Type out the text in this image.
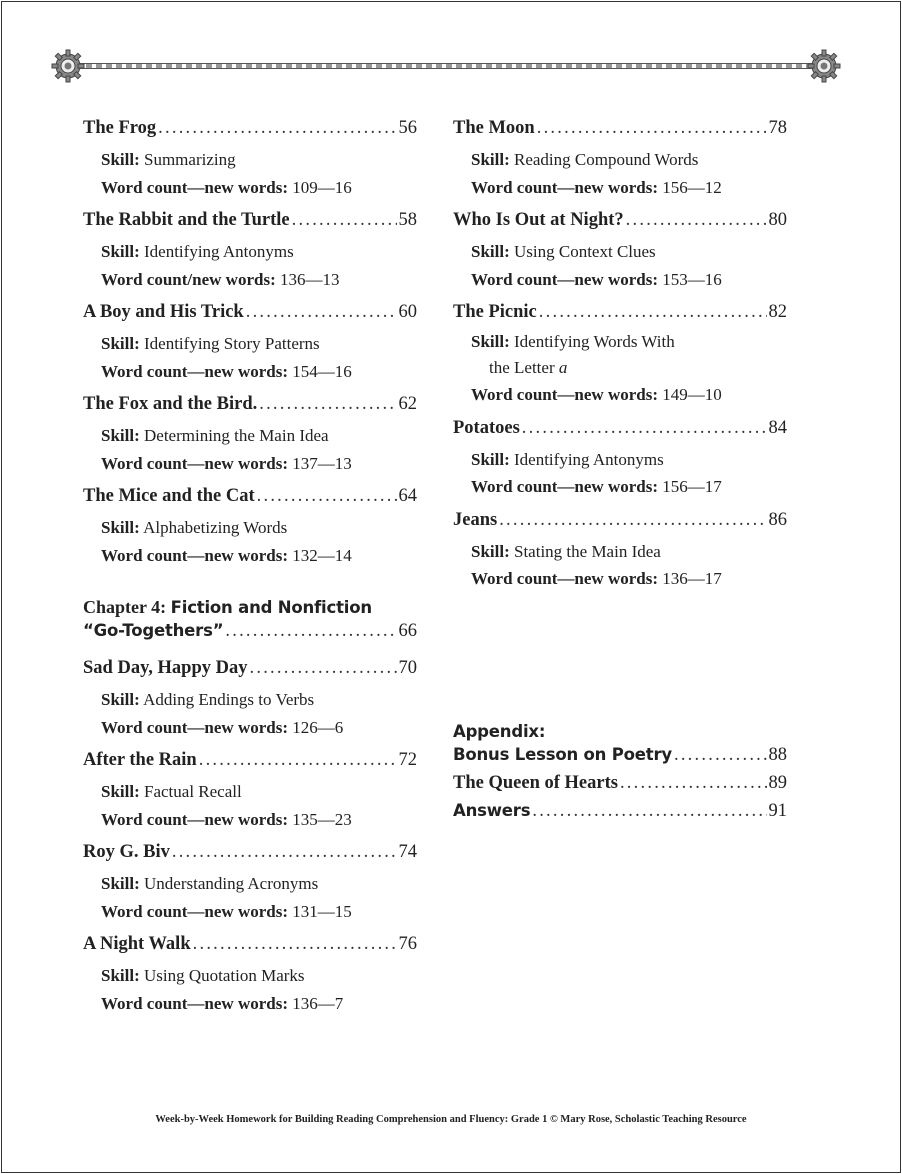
The Frog . . .	56
Skill: Summarizing
Word count—new words: 109—16
The Rabbit and the Turtle . . .	58
Skill: Identifying Antonyms
Word count/new words: 136—13
A Boy and His Trick . . .	60
Skill: Identifying Story Patterns
Word count—new words: 154—16
The Fox and the Bird. . . .	62
Skill: Determining the Main Idea
Word count—new words: 137—13
The Mice and the Cat . . .	64
Skill: Alphabetizing Words
Word count—new words: 132—14
Chapter 4: Fiction and Nonfiction
“Go-Togethers” . . .	66
Sad Day, Happy Day . . .	70
Skill: Adding Endings to Verbs
Word count—new words: 126—6
After the Rain . . .	72
Skill: Factual Recall
Word count—new words: 135—23
Roy G. Biv . . .	74
Skill: Understanding Acronyms
Word count—new words: 131—15
A Night Walk . . .	76
Skill: Using Quotation Marks
Word count—new words: 136—7
The Moon . . .	78
Skill: Reading Compound Words
Word count—new words: 156—12
Who Is Out at Night? . . .	80
Skill: Using Context Clues
Word count—new words: 153—16
The Picnic . . .	82
Skill: Identifying Words With
the Letter a
Word count—new words: 149—10
Potatoes . . .	84
Skill: Identifying Antonyms
Word count—new words: 156—17
Jeans . . .	86
Skill: Stating the Main Idea
Word count—new words: 136—17
Appendix:
Bonus Lesson on Poetry . . .	88
The Queen of Hearts . . .	89
Answers . . .	91
Week-by-Week Homework for Building Reading Comprehension and Fluency: Grade 1 © Mary Rose, Scholastic Teaching Resource
